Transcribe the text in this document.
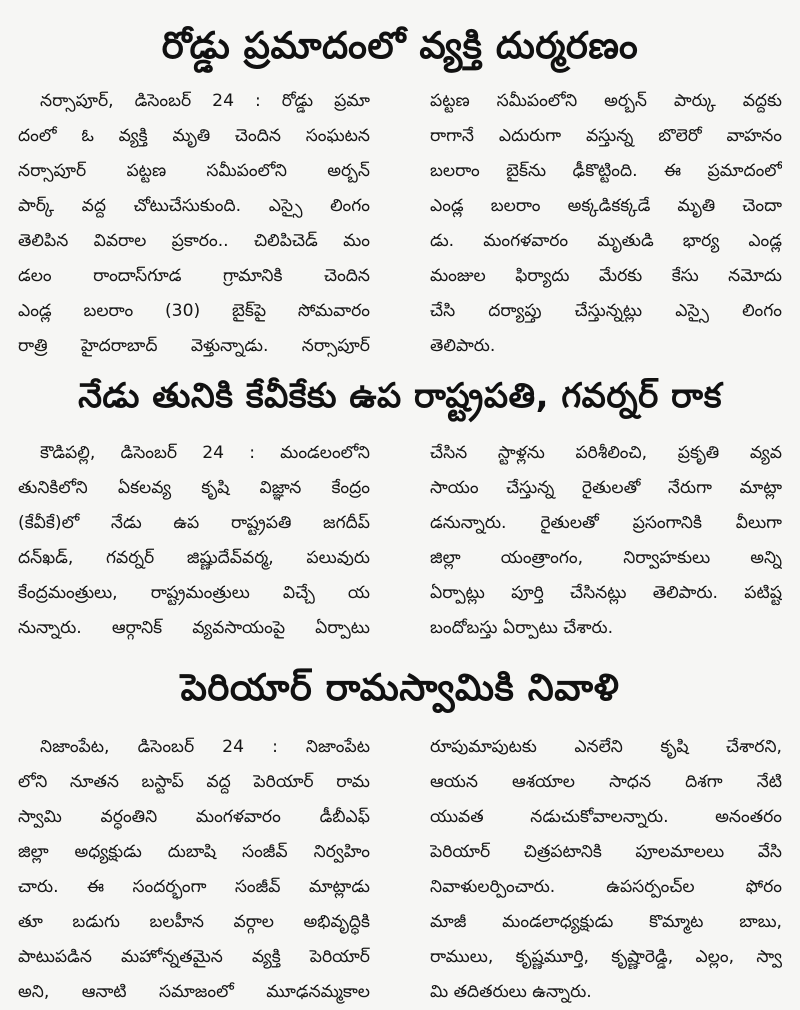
రోడ్డు ప్రమాదంలో వ్యక్తి దుర్మరణం
నర్సాపూర్, డిసెంబర్ 24 : రోడ్డు ప్రమా
దంలో ఓ వ్యక్తి మృతి చెందిన సంఘటన
నర్సాపూర్ పట్టణ సమీపంలోని అర్బన్
పార్క్ వద్ద చోటుచేసుకుంది. ఎస్సై లింగం
తెలిపిన వివరాల ప్రకారం.. చిలిపిచెడ్ మం
డలం రాందాస్‌గూడ గ్రామానికి చెందిన
ఎండ్ల బలరాం (30) బైక్‌పై సోమవారం
రాత్రి హైదరాబాద్ వెళ్తున్నాడు. నర్సాపూర్
పట్టణ సమీపంలోని అర్బన్ పార్కు వద్దకు
రాగానే ఎదురుగా వస్తున్న బొలెరో వాహనం
బలరాం బైక్‌ను ఢీకొట్టింది. ఈ ప్రమాదంలో
ఎండ్ల బలరాం అక్కడికక్కడే మృతి చెందా
డు. మంగళవారం మృతుడి భార్య ఎండ్ల
మంజుల ఫిర్యాదు మేరకు కేసు నమోదు
చేసి దర్యాప్తు చేస్తున్నట్లు ఎస్సై లింగం
తెలిపారు.
నేడు తునికి కేవీకేకు ఉప రాష్ట్రపతి, గవర్నర్ రాక
కౌడిపల్లి, డిసెంబర్ 24 : మండలంలోని
తునికిలోని ఏకలవ్య కృషి విజ్ఞాన కేంద్రం
(కేవీకే)లో నేడు ఉప రాష్ట్రపతి జగదీప్
దన్‌ఖడ్, గవర్నర్ జిష్ణుదేవ్‌వర్మ, పలువురు
కేంద్రమంత్రులు, రాష్ట్రమంత్రులు విచ్చే య
నున్నారు. ఆర్గానిక్ వ్యవసాయంపై ఏర్పాటు
చేసిన స్టాళ్లను పరిశీలించి, ప్రకృతి వ్యవ
సాయం చేస్తున్న రైతులతో నేరుగా మాట్లా
డనున్నారు. రైతులతో ప్రసంగానికి వీలుగా
జిల్లా యంత్రాంగం, నిర్వాహకులు అన్ని
ఏర్పాట్లు పూర్తి చేసినట్లు తెలిపారు. పటిష్ట
బందోబస్తు ఏర్పాటు చేశారు.
పెరియార్ రామస్వామికి నివాళి
నిజాంపేట, డిసెంబర్ 24 : నిజాంపేట
లోని నూతన బస్టాప్ వద్ద పెరియార్ రామ
స్వామి వర్ధంతిని మంగళవారం డీబీఎఫ్
జిల్లా అధ్యక్షుడు దుబాషి సంజీవ్ నిర్వహిం
చారు. ఈ సందర్భంగా సంజీవ్ మాట్లాడు
తూ బడుగు బలహీన వర్గాల అభివృద్ధికి
పాటుపడిన మహోన్నతమైన వ్యక్తి పెరియార్
అని, ఆనాటి సమాజంలో మూఢనమ్మకాల
రూపుమాపుటకు ఎనలేని కృషి చేశారని,
ఆయన ఆశయాల సాధన దిశగా నేటి
యువత నడుచుకోవాలన్నారు. అనంతరం
పెరియార్ చిత్రపటానికి పూలమాలలు వేసి
నివాళులర్పించారు. ఉపసర్పంచ్‌ల ఫోరం
మాజీ మండలాధ్యక్షుడు కొమ్మాట బాబు,
రాములు, కృష్ణమూర్తి, కృష్ణారెడ్డి, ఎల్లం, స్వా
మి తదితరులు ఉన్నారు.
